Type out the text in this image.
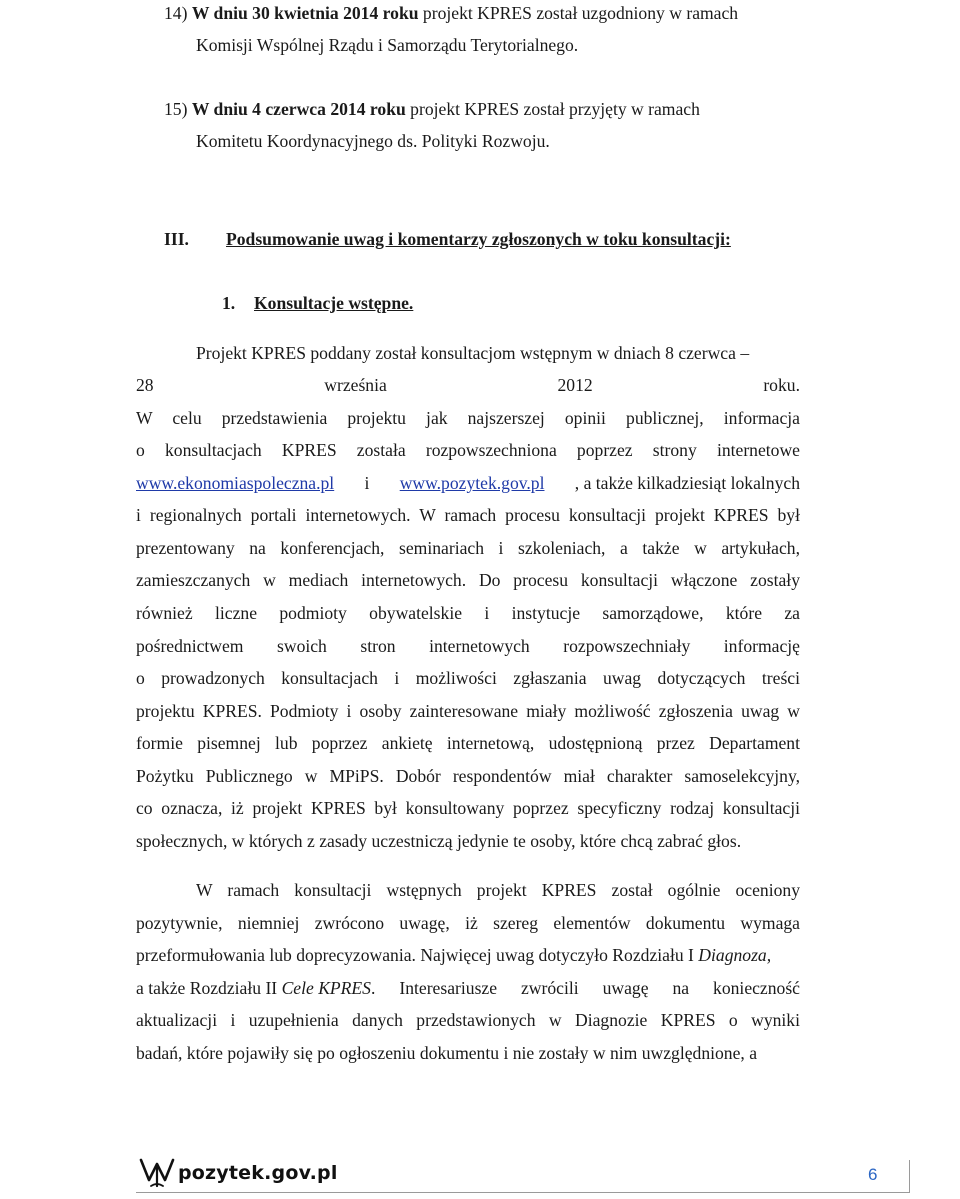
14) W dniu 30 kwietnia 2014 roku projekt KPRES został uzgodniony w ramach
Komisji Wspólnej Rządu i Samorządu Terytorialnego.
15) W dniu 4 czerwca 2014 roku projekt KPRES został przyjęty w ramach
Komitetu Koordynacyjnego ds. Polityki Rozwoju.
III. Podsumowanie uwag i komentarzy zgłoszonych w toku konsultacji:
1. Konsultacje wstępne.
Projekt KPRES poddany został konsultacjom wstępnym w dniach 8 czerwca –
28	września	2012	roku.
W celu przedstawienia projektu jak najszerszej opinii publicznej, informacja
o konsultacjach KPRES została rozpowszechniona poprzez strony internetowe
www.ekonomiaspoleczna.pl i www.pozytek.gov.pl , a także kilkadziesiąt lokalnych
i regionalnych portali internetowych. W ramach procesu konsultacji projekt KPRES był
prezentowany na konferencjach, seminariach i szkoleniach, a także w artykułach,
zamieszczanych w mediach internetowych. Do procesu konsultacji włączone zostały
również liczne podmioty obywatelskie i instytucje samorządowe, które za
pośrednictwem swoich stron internetowych rozpowszechniały informację
o prowadzonych konsultacjach i możliwości zgłaszania uwag dotyczących treści
projektu KPRES. Podmioty i osoby zainteresowane miały możliwość zgłoszenia uwag w
formie pisemnej lub poprzez ankietę internetową, udostępnioną przez Departament
Pożytku Publicznego w MPiPS. Dobór respondentów miał charakter samoselekcyjny,
co oznacza, iż projekt KPRES był konsultowany poprzez specyficzny rodzaj konsultacji
społecznych, w których z zasady uczestniczą jedynie te osoby, które chcą zabrać głos.
W ramach konsultacji wstępnych projekt KPRES został ogólnie oceniony
pozytywnie, niemniej zwrócono uwagę, iż szereg elementów dokumentu wymaga
przeformułowania lub doprecyzowania. Najwięcej uwag dotyczyło Rozdziału I Diagnoza,
a także Rozdziału II Cele KPRES . Interesariusze zwrócili uwagę na konieczność
aktualizacji i uzupełnienia danych przedstawionych w Diagnozie KPRES o wyniki
badań, które pojawiły się po ogłoszeniu dokumentu i nie zostały w nim uwzględnione, a
pozytek.gov.pl	6
